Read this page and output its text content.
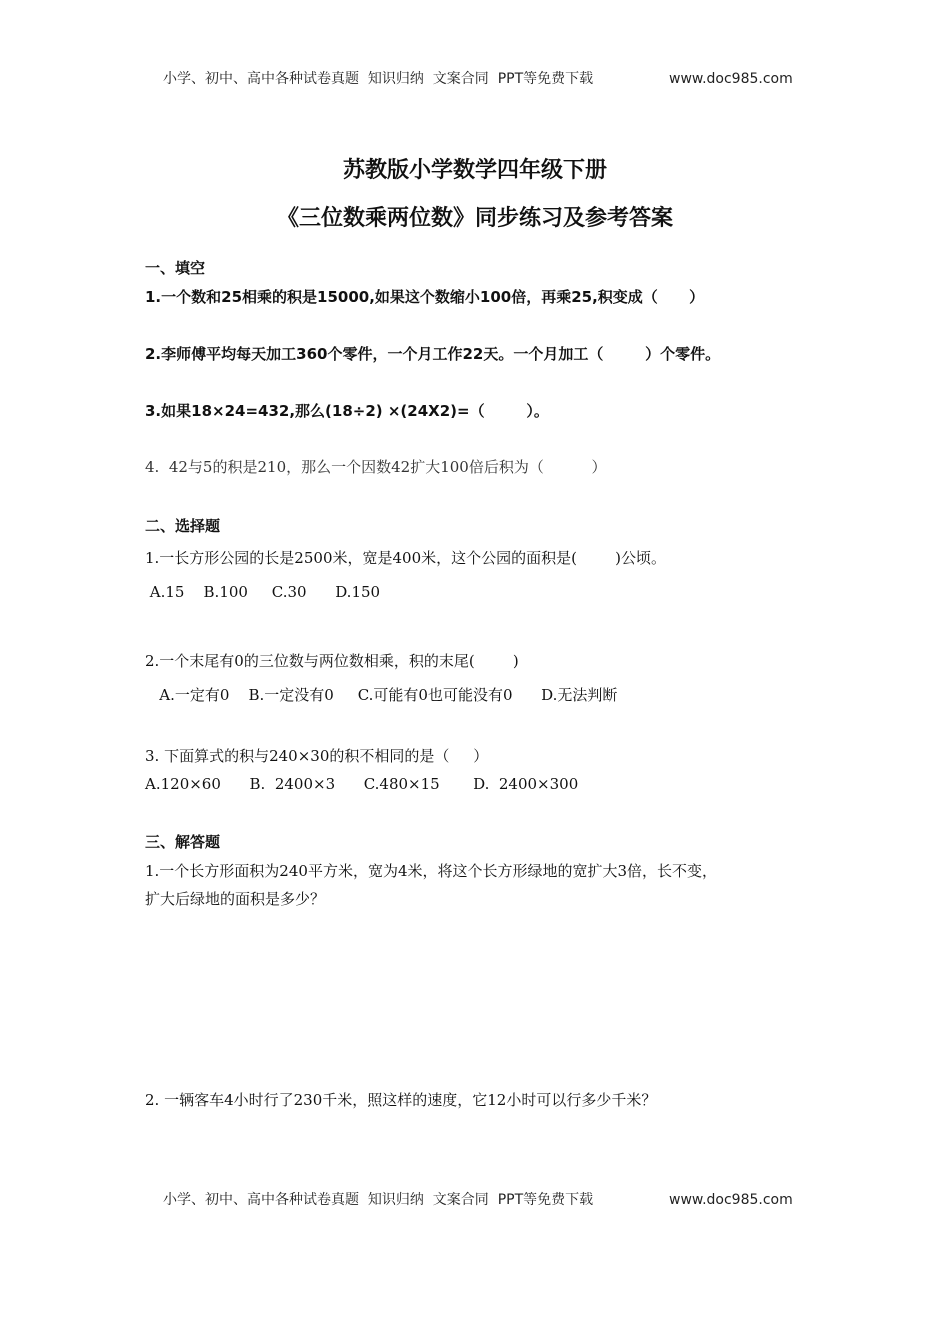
小学、初中、高中各种试卷真题  知识归纳  文案合同  PPT等免费下载	www.doc985.com
苏教版小学数学四年级下册
《三位数乘两位数》同步练习及参考答案
一、填空
1.一个数和25相乘的积是15000,如果这个数缩小100倍，再乘25,积变成（      ）
2.李师傅平均每天加工360个零件，一个月工作22天。一个月加工（        ）个零件。
3.如果18×24=432,那么(18÷2) ×(24X2)=（        ）。
4.  42与5的积是210，那么一个因数42扩大100倍后积为（          ）
二、选择题
1.一长方形公园的长是2500米，宽是400米，这个公园的面积是(        )公顷。
A.15    B.100     C.30      D.150
2.一个末尾有0的三位数与两位数相乘，积的末尾(        )
A.一定有0    B.一定没有0     C.可能有0也可能没有0      D.无法判断
3. 下面算式的积与240×30的积不相同的是（     ）
A.120×60      B.  2400×3      C.480×15       D.  2400×300
三、解答题
1.一个长方形面积为240平方米，宽为4米，将这个长方形绿地的宽扩大3倍，长不变，
扩大后绿地的面积是多少？
2. 一辆客车4小时行了230千米，照这样的速度，它12小时可以行多少千米？
小学、初中、高中各种试卷真题  知识归纳  文案合同  PPT等免费下载	www.doc985.com
